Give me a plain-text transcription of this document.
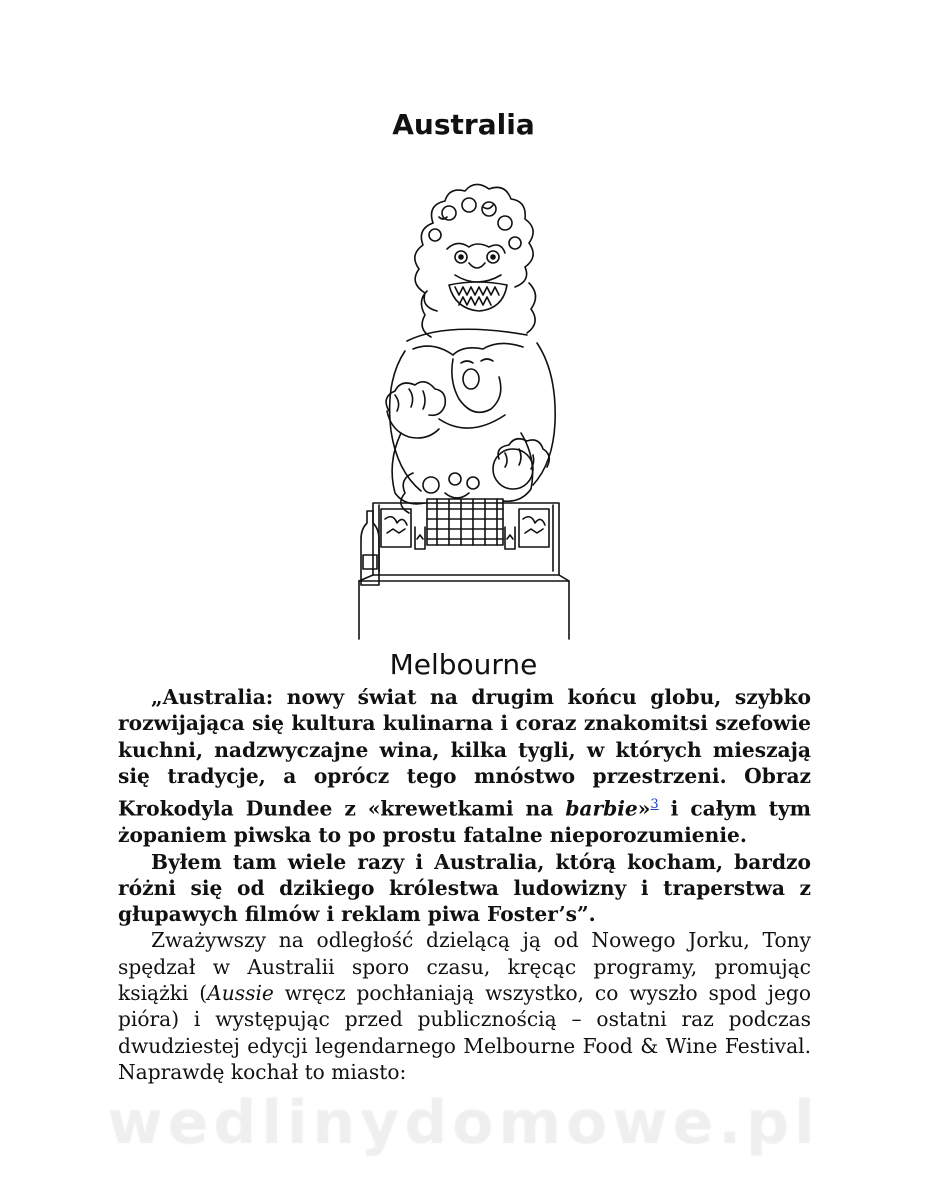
Australia
Melbourne

„Australia: nowy świat na drugim końcu globu, szybko rozwijająca się kultura kulinarna i coraz znakomitsi szefowie kuchni, nadzwyczajne wina, kilka tygli, w których mieszają się tradycje, a oprócz tego mnóstwo przestrzeni. Obraz Krokodyla Dundee z «krewetkami na barbie»$^3$ i całym tym żopaniem piwska to po prostu fatalne nieporozumienie.

Byłem tam wiele razy i Australia, którą kocham, bardzo różni się od dzikiego królestwa ludowizny i traperstwa z głupawych filmów i reklam piwa Foster’s”.

Zważywszy na odległość dzielącą ją od Nowego Jorku, Tony spędzał w Australii sporo czasu, kręcąc programy, promując książki (Aussie wręcz pochłaniają wszystko, co wyszło spod jego pióra) i występując przed publicznością – ostatni raz podczas dwudziestej edycji legendarnego Melbourne Food & Wine Festival. Naprawdę kochał to miasto:

wedlinydomowe.pl
